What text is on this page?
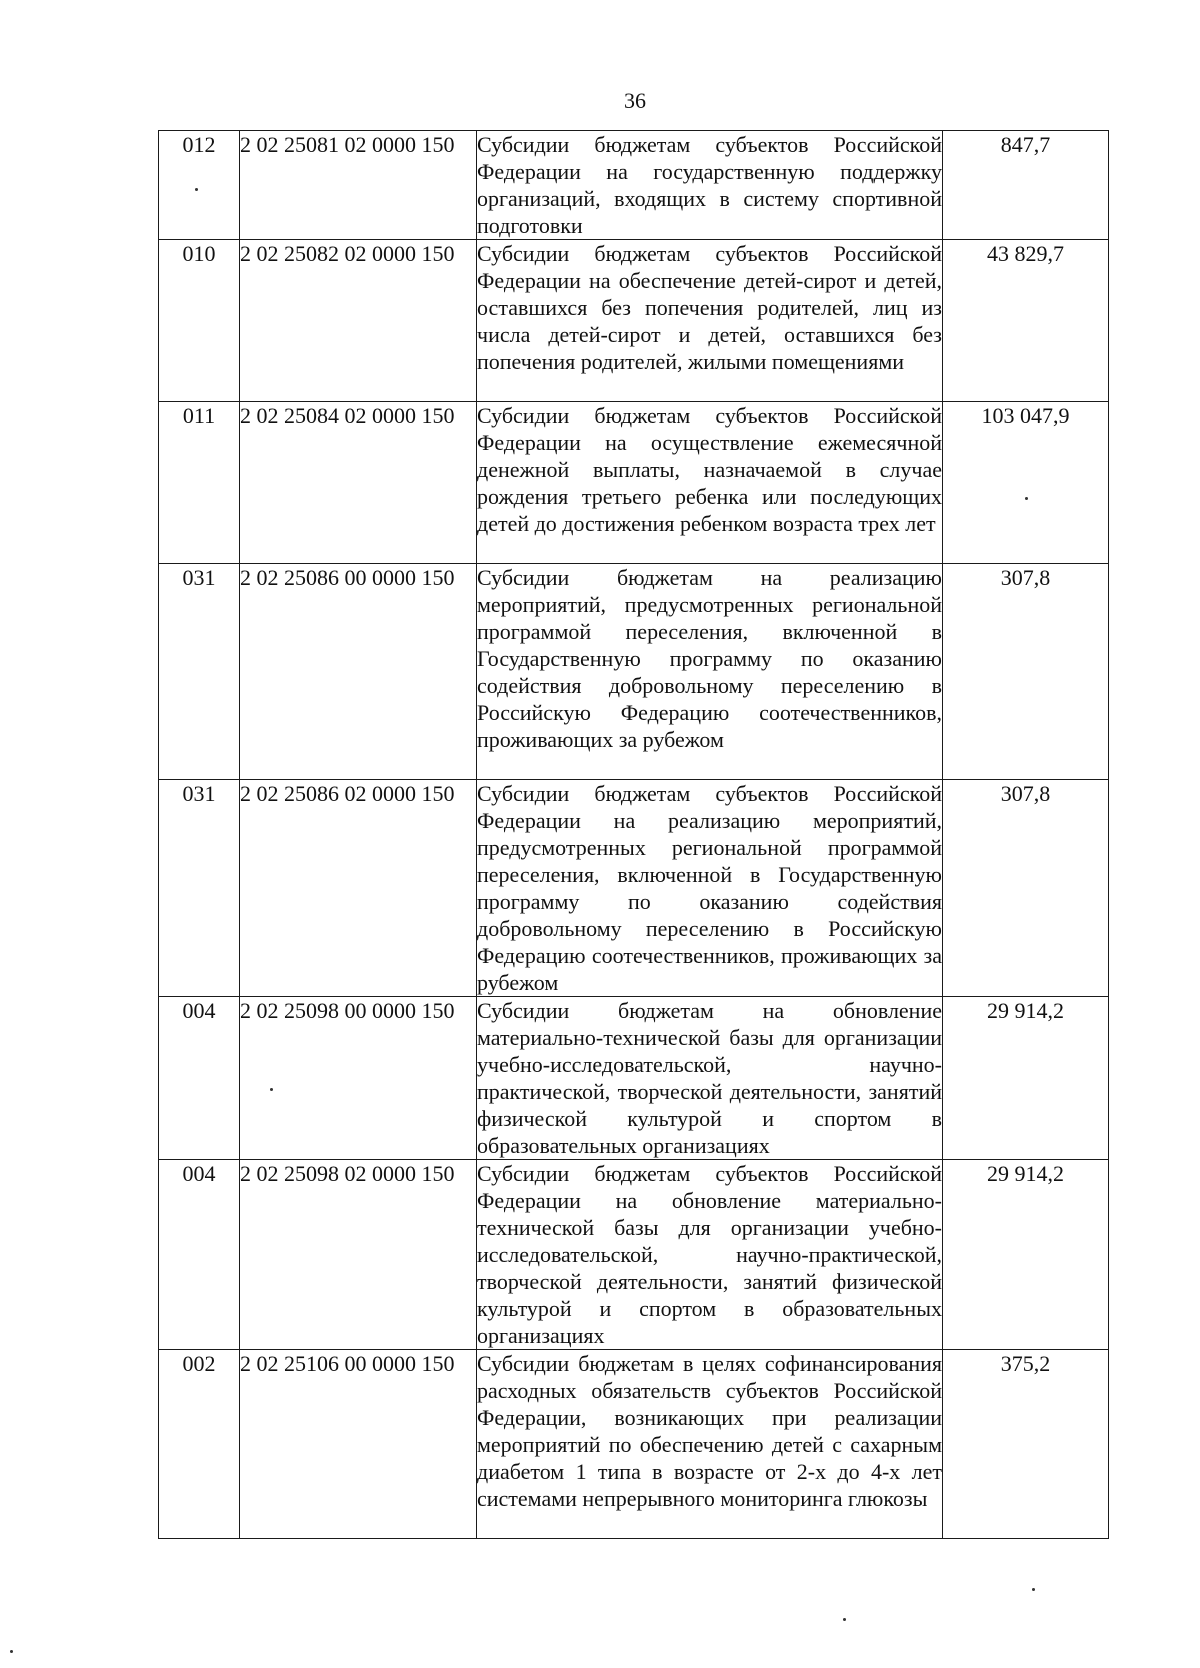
36
012	2 02 25081 02 0000 150	Субсидии бюджетам субъектов Российской Федерации на государственную поддержку организаций, входящих в систему спортивной подготовки	847,7
010	2 02 25082 02 0000 150	Субсидии бюджетам субъектов Российской Федерации на обеспечение детей-сирот и детей, оставшихся без попечения родителей, лиц из числа детей-сирот и детей, оставшихся без попечения родителей, жилыми помещениями	43 829,7
011	2 02 25084 02 0000 150	Субсидии бюджетам субъектов Российской Федерации на осуществление ежемесячной денежной выплаты, назначаемой в случае рождения третьего ребенка или последующих детей до достижения ребенком возраста трех лет	103 047,9
031	2 02 25086 00 0000 150	Субсидии бюджетам на реализацию мероприятий, предусмотренных региональной программой переселения, включенной в Государственную программу по оказанию содействия добровольному переселению в Российскую Федерацию соотечественников, проживающих за рубежом	307,8
031	2 02 25086 02 0000 150	Субсидии бюджетам субъектов Российской Федерации на реализацию мероприятий, предусмотренных региональной программой переселения, включенной в Государственную программу по оказанию содействия добровольному переселению в Российскую Федерацию соотечественников, проживающих за рубежом	307,8
004	2 02 25098 00 0000 150	Субсидии бюджетам на обновление материально-технической базы для организации учебно-исследовательской, научно-практической, творческой деятельности, занятий физической культурой и спортом в образовательных организациях	29 914,2
004	2 02 25098 02 0000 150	Субсидии бюджетам субъектов Российской Федерации на обновление материально-технической базы для организации учебно-исследовательской, научно-практической, творческой деятельности, занятий физической культурой и спортом в образовательных организациях	29 914,2
002	2 02 25106 00 0000 150	Субсидии бюджетам в целях софинансирования расходных обязательств субъектов Российской Федерации, возникающих при реализации мероприятий по обеспечению детей с сахарным диабетом 1 типа в возрасте от 2-х до 4-х лет системами непрерывного мониторинга глюкозы	375,2
